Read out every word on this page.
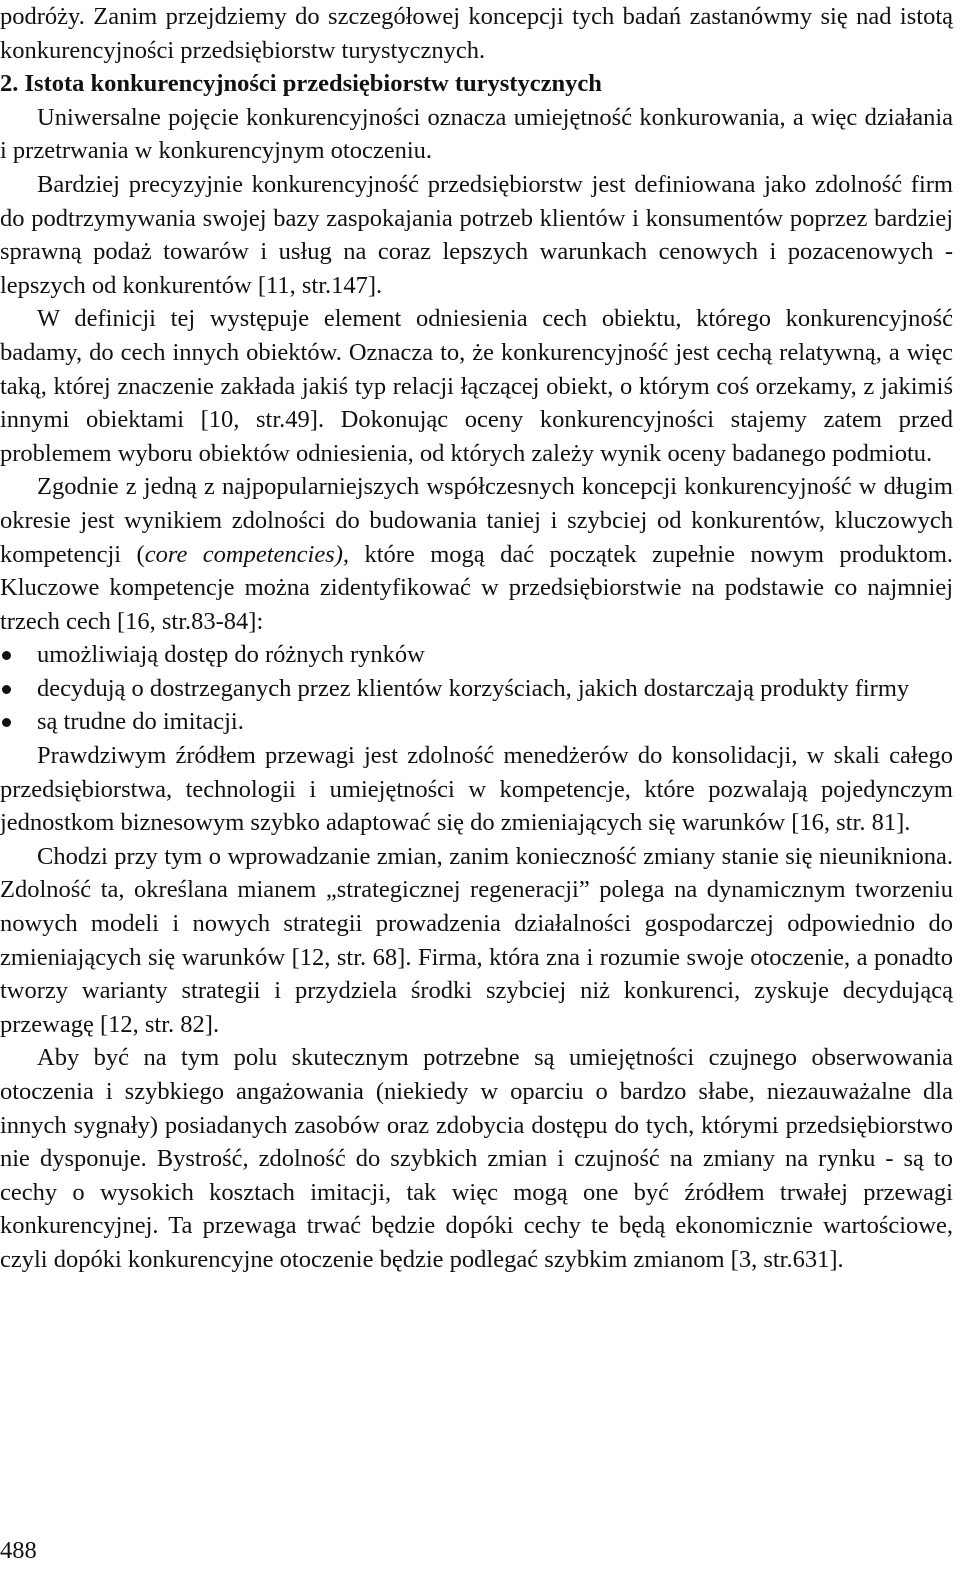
podróży. Zanim przejdziemy do szczegółowej koncepcji tych badań zastanówmy się nad istotą konkurencyjności przedsiębiorstw turystycznych.

2. Istota konkurencyjności przedsiębiorstw turystycznych

Uniwersalne pojęcie konkurencyjności oznacza umiejętność konkurowania, a więc działania i przetrwania w konkurencyjnym otoczeniu.

Bardziej precyzyjnie konkurencyjność przedsiębiorstw jest definiowana jako zdolność firm do podtrzymywania swojej bazy zaspokajania potrzeb klientów i konsumentów poprzez bardziej sprawną podaż towarów i usług na coraz lepszych warunkach cenowych i pozacenowych - lepszych od konkurentów [11, str.147].

W definicji tej występuje element odniesienia cech obiektu, którego konkurencyjność badamy, do cech innych obiektów. Oznacza to, że konkurencyjność jest cechą relatywną, a więc taką, której znaczenie zakłada jakiś typ relacji łączącej obiekt, o którym coś orzekamy, z jakimiś innymi obiektami [10, str.49]. Dokonując oceny konkurencyjności stajemy zatem przed problemem wyboru obiektów odniesienia, od których zależy wynik oceny badanego podmiotu.

Zgodnie z jedną z najpopularniejszych współczesnych koncepcji konkurencyjność w długim okresie jest wynikiem zdolności do budowania taniej i szybciej od konkurentów, kluczowych kompetencji (core competencies), które mogą dać początek zupełnie nowym produktom. Kluczowe kompetencje można zidentyfikować w przedsiębiorstwie na podstawie co najmniej trzech cech [16, str.83-84]:

umożliwiają dostęp do różnych rynków
decydują o dostrzeganych przez klientów korzyściach, jakich dostarczają produkty firmy
są trudne do imitacji.

Prawdziwym źródłem przewagi jest zdolność menedżerów do konsolidacji, w skali całego przedsiębiorstwa, technologii i umiejętności w kompetencje, które pozwalają pojedynczym jednostkom biznesowym szybko adaptować się do zmieniających się warunków [16, str. 81].

Chodzi przy tym o wprowadzanie zmian, zanim konieczność zmiany stanie się nieunikniona. Zdolność ta, określana mianem „strategicznej regeneracji” polega na dynamicznym tworzeniu nowych modeli i nowych strategii prowadzenia działalności gospodarczej odpowiednio do zmieniających się warunków [12, str. 68]. Firma, która zna i rozumie swoje otoczenie, a ponadto tworzy warianty strategii i przydziela środki szybciej niż konkurenci, zyskuje decydującą przewagę [12, str. 82].

Aby być na tym polu skutecznym potrzebne są umiejętności czujnego obserwowania otoczenia i szybkiego angażowania (niekiedy w oparciu o bardzo słabe, niezauważalne dla innych sygnały) posiadanych zasobów oraz zdobycia dostępu do tych, którymi przedsiębiorstwo nie dysponuje. Bystrość, zdolność do szybkich zmian i czujność na zmiany na rynku - są to cechy o wysokich kosztach imitacji, tak więc mogą one być źródłem trwałej przewagi konkurencyjnej. Ta przewaga trwać będzie dopóki cechy te będą ekonomicznie wartościowe, czyli dopóki konkurencyjne otoczenie będzie podlegać szybkim zmianom [3, str.631].

488
